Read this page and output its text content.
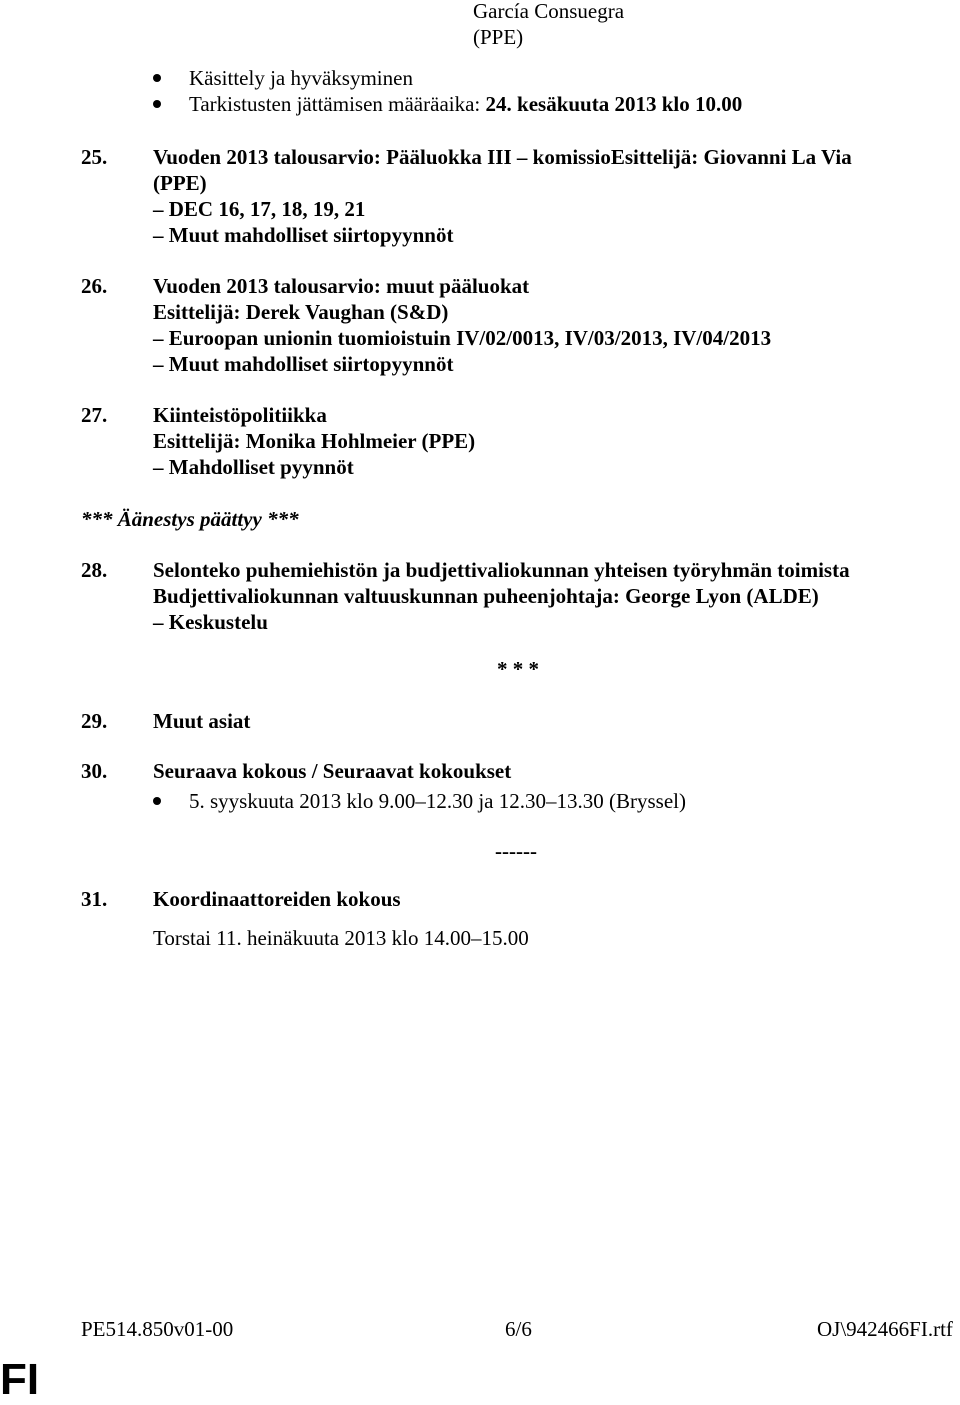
García Consuegra
(PPE)
Käsittely ja hyväksyminen
Tarkistusten jättämisen määräaika: 24. kesäkuuta 2013 klo 10.00
25. Vuoden 2013 talousarvio: Pääluokka III – komissioEsittelijä: Giovanni La Via
(PPE)
– DEC 16, 17, 18, 19, 21
– Muut mahdolliset siirtopyynnöt
26. Vuoden 2013 talousarvio: muut pääluokat
Esittelijä: Derek Vaughan (S&D)
– Euroopan unionin tuomioistuin IV/02/0013, IV/03/2013, IV/04/2013
– Muut mahdolliset siirtopyynnöt
27. Kiinteistöpolitiikka
Esittelijä: Monika Hohlmeier (PPE)
– Mahdolliset pyynnöt
*** Äänestys päättyy ***
28. Selonteko puhemiehistön ja budjettivaliokunnan yhteisen työryhmän toimista
Budjettivaliokunnan valtuuskunnan puheenjohtaja: George Lyon (ALDE)
– Keskustelu
* * *
29. Muut asiat
30. Seuraava kokous / Seuraavat kokoukset
5. syyskuuta 2013 klo 9.00–12.30 ja 12.30–13.30 (Bryssel)
------
31. Koordinaattoreiden kokous
Torstai 11. heinäkuuta 2013 klo 14.00–15.00
PE514.850v01-00	6/6	OJ\942466FI.rtf
FI
